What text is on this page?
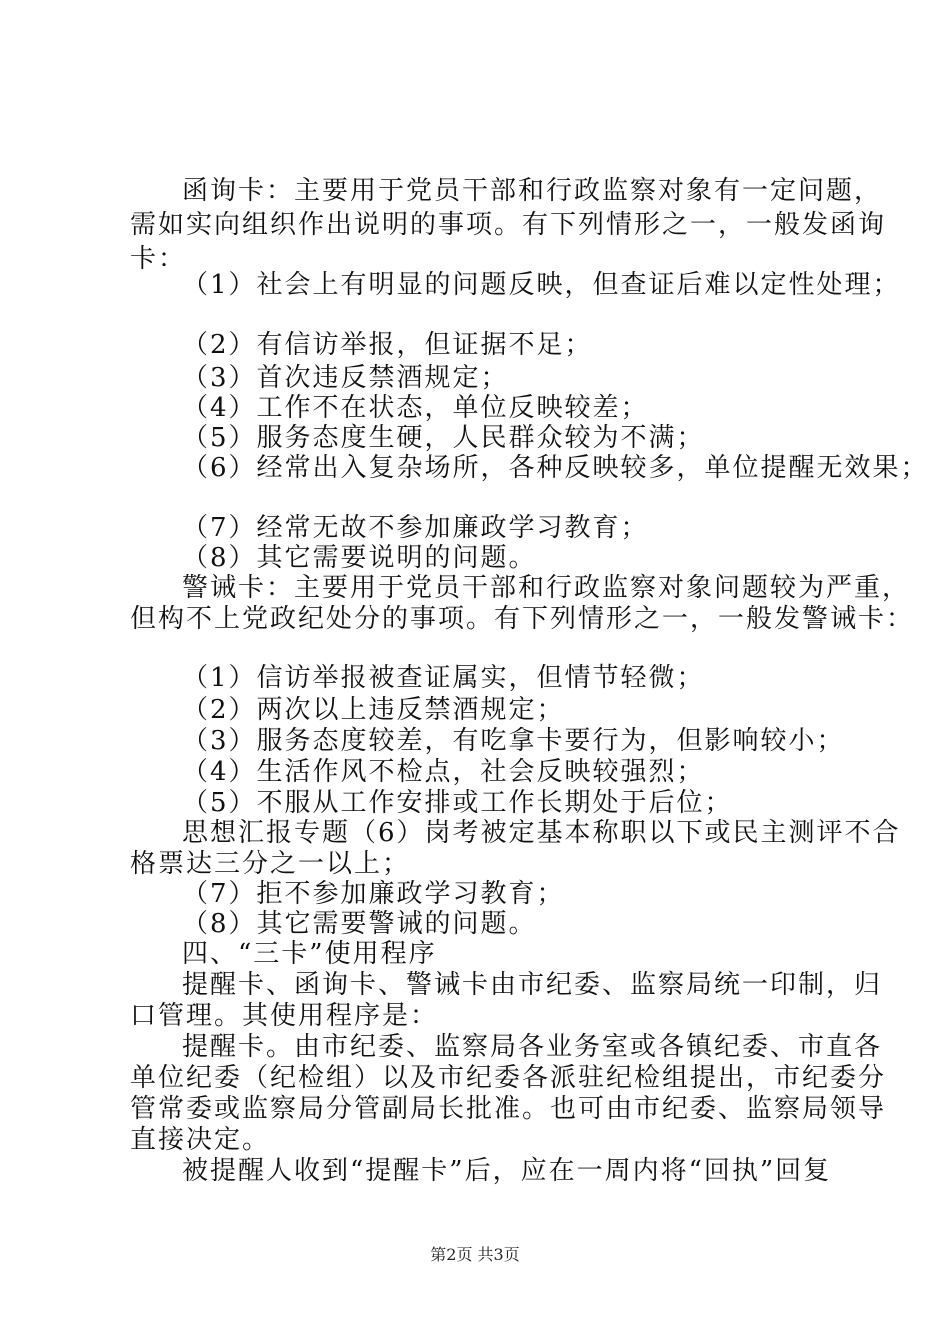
函询卡：主要用于党员干部和行政监察对象有一定问题，
需如实向组织作出说明的事项。有下列情形之一，一般发函询
卡：
（1）社会上有明显的问题反映，但查证后难以定性处理；
（2）有信访举报，但证据不足；
（3）首次违反禁酒规定；
（4）工作不在状态，单位反映较差；
（5）服务态度生硬，人民群众较为不满；
（6）经常出入复杂场所，各种反映较多，单位提醒无效果；
（7）经常无故不参加廉政学习教育；
（8）其它需要说明的问题。
警诫卡：主要用于党员干部和行政监察对象问题较为严重，
但构不上党政纪处分的事项。有下列情形之一，一般发警诫卡：
（1）信访举报被查证属实，但情节轻微；
（2）两次以上违反禁酒规定；
（3）服务态度较差，有吃拿卡要行为，但影响较小；
（4）生活作风不检点，社会反映较强烈；
（5）不服从工作安排或工作长期处于后位；
思想汇报专题（6）岗考被定基本称职以下或民主测评不合
格票达三分之一以上；
（7）拒不参加廉政学习教育；
（8）其它需要警诫的问题。
四、“三卡”使用程序
提醒卡、函询卡、警诫卡由市纪委、监察局统一印制，归
口管理。其使用程序是：
提醒卡。由市纪委、监察局各业务室或各镇纪委、市直各
单位纪委（纪检组）以及市纪委各派驻纪检组提出，市纪委分
管常委或监察局分管副局长批准。也可由市纪委、监察局领导
直接决定。
被提醒人收到“提醒卡”后，应在一周内将“回执”回复
第2页 共3页
